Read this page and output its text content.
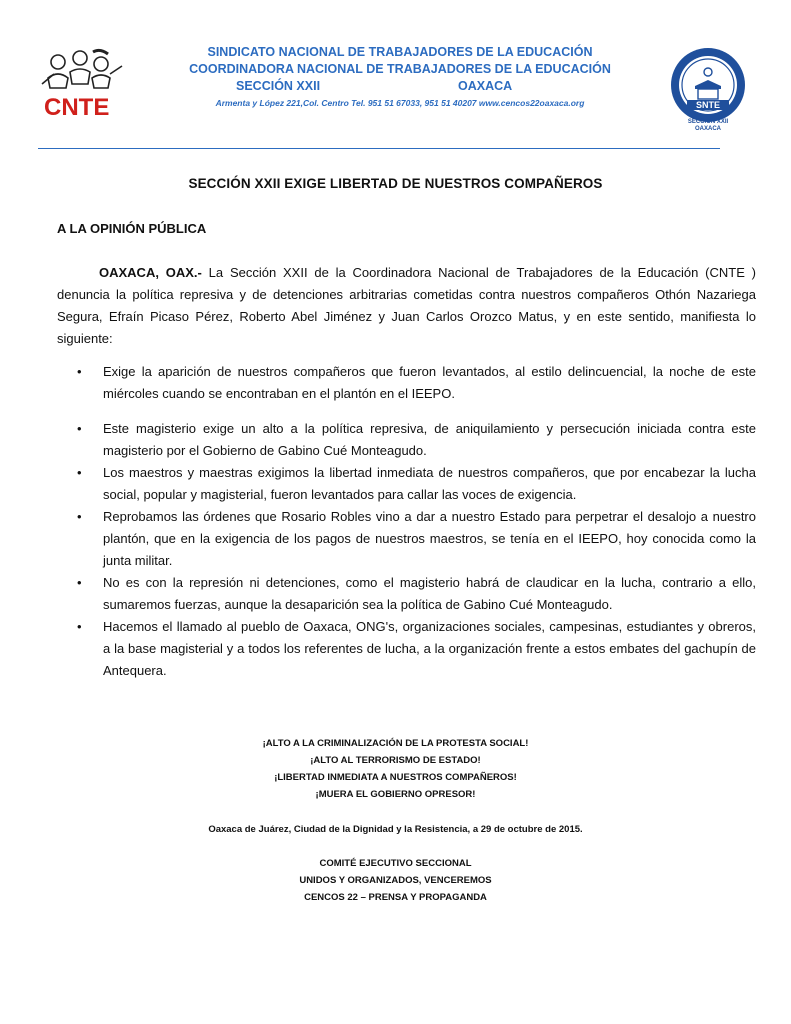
CNTE
SINDICATO NACIONAL DE TRABAJADORES DE LA EDUCACIÓN
COORDINADORA NACIONAL DE TRABAJADORES DE LA EDUCACIÓN
SECCIÓN XXII	OAXACA
Armenta y López 221,Col. Centro Tel. 951 51 67033, 951 51 40207 www.cencos22oaxaca.org	SNTE
SECCION XXII
OAXACA
SECCIÓN XXII EXIGE LIBERTAD DE NUESTROS COMPAÑEROS
A LA OPINIÓN PÚBLICA
OAXACA, OAX.- La Sección XXII de la Coordinadora Nacional de Trabajadores de la Educación (CNTE ) denuncia la política represiva y de detenciones arbitrarias cometidas contra nuestros compañeros Othón Nazariega Segura, Efraín Picaso Pérez, Roberto Abel Jiménez y Juan Carlos Orozco Matus, y en este sentido, manifiesta lo siguiente:
• Exige la aparición de nuestros compañeros que fueron levantados, al estilo delincuencial, la noche de este miércoles cuando se encontraban en el plantón en el IEEPO.
• Este magisterio exige un alto a la política represiva, de aniquilamiento y persecución iniciada contra este magisterio por el Gobierno de Gabino Cué Monteagudo.
• Los maestros y maestras exigimos la libertad inmediata de nuestros compañeros, que por encabezar la lucha social, popular y magisterial, fueron levantados para callar las voces de exigencia.
• Reprobamos las órdenes que Rosario Robles vino a dar a nuestro Estado para perpetrar el desalojo a nuestro plantón, que en la exigencia de los pagos de nuestros maestros, se tenía en el IEEPO, hoy conocida como la junta militar.
• No es con la represión ni detenciones, como el magisterio habrá de claudicar en la lucha, contrario a ello, sumaremos fuerzas, aunque la desaparición sea la política de Gabino Cué Monteagudo.
• Hacemos el llamado al pueblo de Oaxaca, ONG's, organizaciones sociales, campesinas, estudiantes y obreros, a la base magisterial y a todos los referentes de lucha, a la organización frente a estos embates del gachupín de Antequera.
¡ALTO A LA CRIMINALIZACIÓN DE LA PROTESTA SOCIAL!
¡ALTO AL TERRORISMO DE ESTADO!
¡LIBERTAD INMEDIATA A NUESTROS COMPAÑEROS!
¡MUERA EL GOBIERNO OPRESOR!
Oaxaca de Juárez, Ciudad de la Dignidad y la Resistencia, a 29 de octubre de 2015.
COMITÉ EJECUTIVO SECCIONAL
UNIDOS Y ORGANIZADOS, VENCEREMOS
CENCOS 22 – PRENSA Y PROPAGANDA
